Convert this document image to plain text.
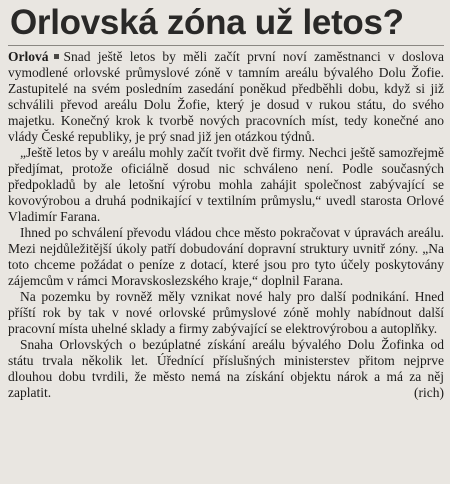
Orlovská zóna už letos?

Orlová Snad ještě letos by měli začít první noví zaměstnanci v doslova vymodlené orlovské průmyslové zóně v tamním areálu bývalého Dolu Žofie. Zastupitelé na svém posledním zasedání poněkud předběhli dobu, když si již schválili převod areálu Dolu Žofie, který je dosud v rukou státu, do svého majetku. Konečný krok k tvorbě nových pracovních míst, tedy konečné ano vlády České republiky, je prý snad již jen otázkou týdnů.

„Ještě letos by v areálu mohly začít tvořit dvě firmy. Nechci ještě samozřejmě předjímat, protože oficiálně dosud nic schváleno není. Podle současných předpokladů by ale letošní výrobu mohla zahájit společnost zabývající se kovovýrobou a druhá podnikající v textilním průmyslu,“ uvedl starosta Orlové Vladimír Farana.

Ihned po schválení převodu vládou chce město pokračovat v úpravách areálu. Mezi nejdůležitější úkoly patří dobudování dopravní struktury uvnitř zóny. „Na toto chceme požádat o peníze z dotací, které jsou pro tyto účely poskytovány zájemcům v rámci Moravskoslezského kraje,“ doplnil Farana.

Na pozemku by rovněž měly vznikat nové haly pro další podnikání. Hned příští rok by tak v nové orlovské průmyslové zóně mohly nabídnout další pracovní místa uhelné sklady a firmy zabývající se elektrovýrobou a autoplňky.

Snaha Orlovských o bezúplatné získání areálu bývalého Dolu Žofinka od státu trvala několik let. Úřednící příslušných ministerstev přitom nejprve dlouhou dobu tvrdili, že město nemá na získání objektu nárok a má za něj zaplatit.	(rich)
